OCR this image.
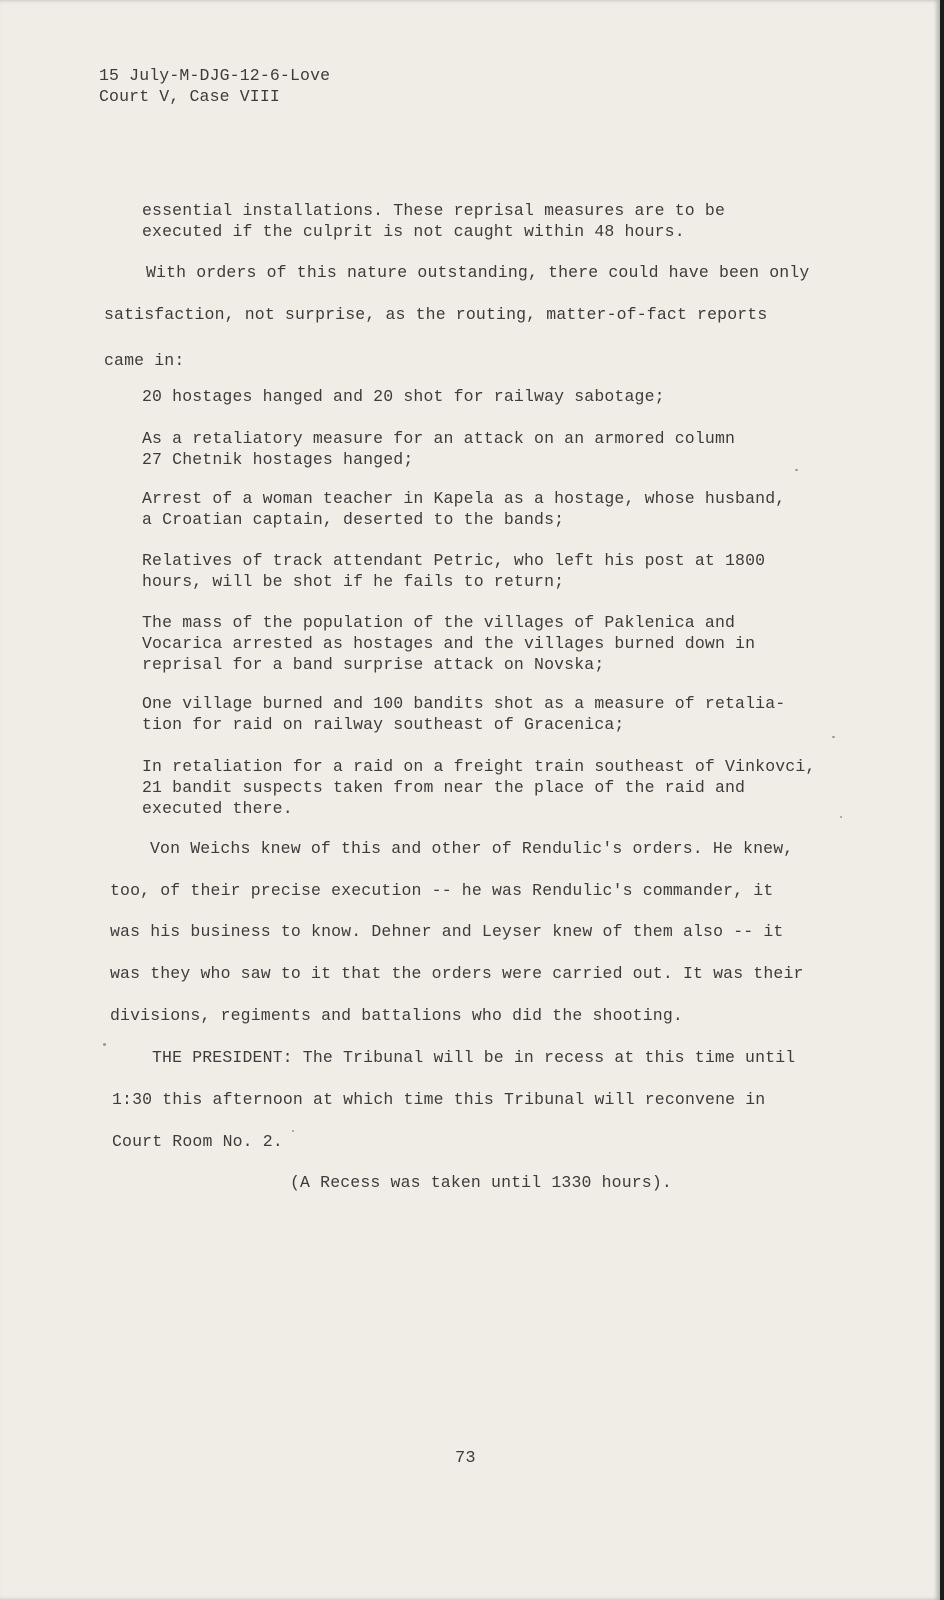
15 July-M-DJG-12-6-Love
Court V, Case VIII
essential installations. These reprisal measures are to be
executed if the culprit is not caught within 48 hours.
With orders of this nature outstanding, there could have been only
satisfaction, not surprise, as the routing, matter-of-fact reports
came in:
20 hostages hanged and 20 shot for railway sabotage;
As a retaliatory measure for an attack on an armored column
27 Chetnik hostages hanged;
Arrest of a woman teacher in Kapela as a hostage, whose husband,
a Croatian captain, deserted to the bands;
Relatives of track attendant Petric, who left his post at 1800
hours, will be shot if he fails to return;
The mass of the population of the villages of Paklenica and
Vocarica arrested as hostages and the villages burned down in
reprisal for a band surprise attack on Novska;
One village burned and 100 bandits shot as a measure of retalia-
tion for raid on railway southeast of Gracenica;
In retaliation for a raid on a freight train southeast of Vinkovci,
21 bandit suspects taken from near the place of the raid and
executed there.
Von Weichs knew of this and other of Rendulic's orders. He knew,
too, of their precise execution -- he was Rendulic's commander, it
was his business to know. Dehner and Leyser knew of them also -- it
was they who saw to it that the orders were carried out. It was their
divisions, regiments and battalions who did the shooting.
THE PRESIDENT: The Tribunal will be in recess at this time until
1:30 this afternoon at which time this Tribunal will reconvene in
Court Room No. 2.
(A Recess was taken until 1330 hours).
73
